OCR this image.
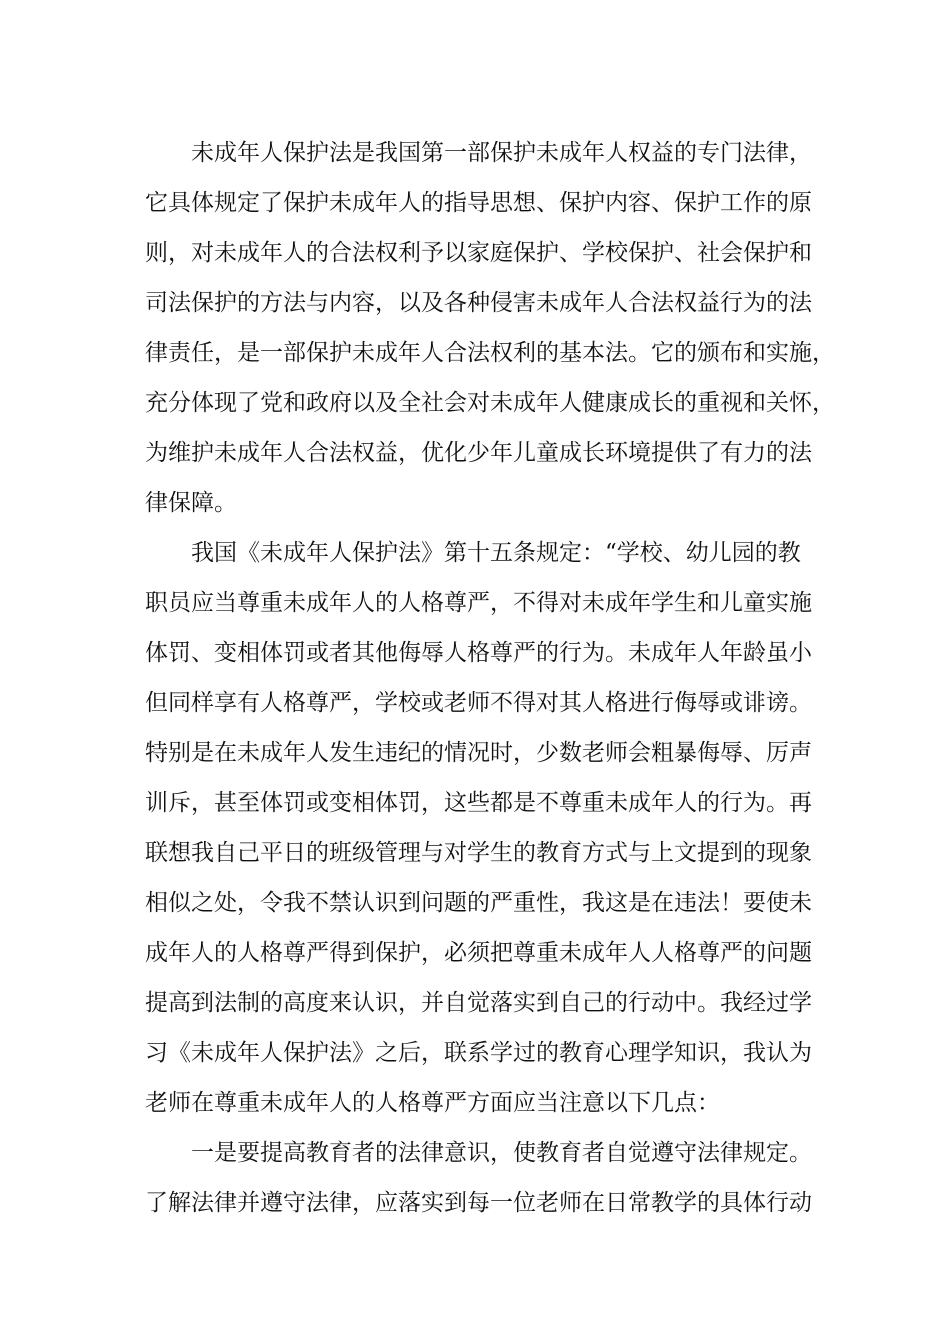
未成年人保护法是我国第一部保护未成年人权益的专门法律，
它具体规定了保护未成年人的指导思想、保护内容、保护工作的原
则，对未成年人的合法权利予以家庭保护、学校保护、社会保护和
司法保护的方法与内容，以及各种侵害未成年人合法权益行为的法
律责任，是一部保护未成年人合法权利的基本法。它的颁布和实施，
充分体现了党和政府以及全社会对未成年人健康成长的重视和关怀，
为维护未成年人合法权益，优化少年儿童成长环境提供了有力的法
律保障。
我国《未成年人保护法》第十五条规定：“学校、幼儿园的教
职员应当尊重未成年人的人格尊严，不得对未成年学生和儿童实施
体罚、变相体罚或者其他侮辱人格尊严的行为。未成年人年龄虽小
但同样享有人格尊严，学校或老师不得对其人格进行侮辱或诽谤。
特别是在未成年人发生违纪的情况时，少数老师会粗暴侮辱、厉声
训斥，甚至体罚或变相体罚，这些都是不尊重未成年人的行为。再
联想我自己平日的班级管理与对学生的教育方式与上文提到的现象
相似之处，令我不禁认识到问题的严重性，我这是在违法！要使未
成年人的人格尊严得到保护，必须把尊重未成年人人格尊严的问题
提高到法制的高度来认识，并自觉落实到自己的行动中。我经过学
习《未成年人保护法》之后，联系学过的教育心理学知识，我认为
老师在尊重未成年人的人格尊严方面应当注意以下几点：
一是要提高教育者的法律意识，使教育者自觉遵守法律规定。
了解法律并遵守法律，应落实到每一位老师在日常教学的具体行动
